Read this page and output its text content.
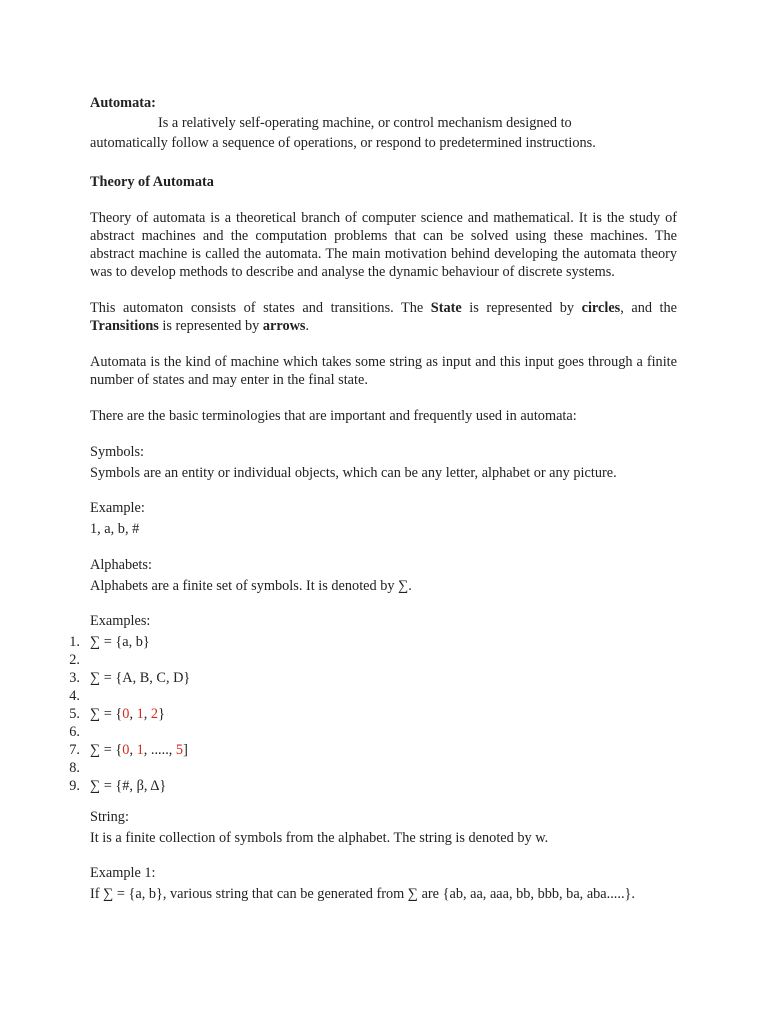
Automata:

Is a relatively self-operating machine, or control mechanism designed to

automatically follow a sequence of operations, or respond to predetermined instructions.

Theory of Automata

Theory of automata is a theoretical branch of computer science and mathematical. It is the study of abstract machines and the computation problems that can be solved using these machines. The abstract machine is called the automata. The main motivation behind developing the automata theory was to develop methods to describe and analyse the dynamic behaviour of discrete systems.

This automaton consists of states and transitions. The State is represented by circles, and the Transitions is represented by arrows.

Automata is the kind of machine which takes some string as input and this input goes through a finite number of states and may enter in the final state.

There are the basic terminologies that are important and frequently used in automata:

Symbols:

Symbols are an entity or individual objects, which can be any letter, alphabet or any picture.

Example:

1, a, b, #

Alphabets:

Alphabets are a finite set of symbols. It is denoted by ∑.

Examples:

1. ∑ = {a, b}
2.
3. ∑ = {A, B, C, D}
4.
5. ∑ = {0, 1, 2}
6.
7. ∑ = {0, 1, ....., 5]
8.
9. ∑ = {#, β, Δ}

String:

It is a finite collection of symbols from the alphabet. The string is denoted by w.

Example 1:

If ∑ = {a, b}, various string that can be generated from ∑ are {ab, aa, aaa, bb, bbb, ba, aba.....}.
